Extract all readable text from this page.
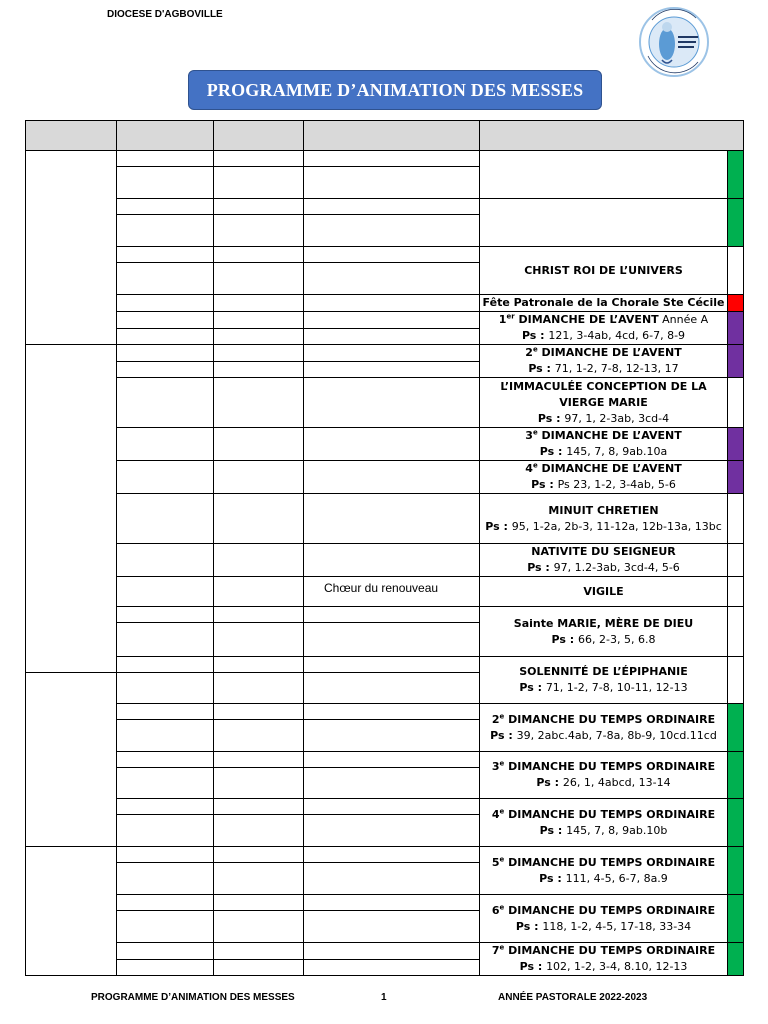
DIOCESE D'AGBOVILLE
PROGRAMME D’ANIMATION DES MESSES

				CHRIST ROI DE L’UNIVERS	

				Fête Patronale de la Chorale Ste Cécile	

				1er DIMANCHE DE L’AVENT Année A
Ps : 121, 3-4ab, 4cd, 6-7, 8-9	

				2e DIMANCHE DE L’AVENT
Ps : 71, 1-2, 7-8, 12-13, 17	

				L’IMMACULÉE CONCEPTION DE LA VIERGE MARIE
Ps : 97, 1, 2-3ab, 3cd-4	

				3e DIMANCHE DE L’AVENT
Ps : 145, 7, 8, 9ab.10a	

				4e DIMANCHE DE L’AVENT
Ps : Ps 23, 1-2, 3-4ab, 5-6	

				MINUIT CHRETIEN
Ps : 95, 1-2a, 2b-3, 11-12a, 12b-13a, 13bc	

				NATIVITE DU SEIGNEUR
Ps : 97, 1.2-3ab, 3cd-4, 5-6	

			Chœur du renouveau	VIGILE	

				Sainte MARIE, MÈRE DE DIEU
Ps : 66, 2-3, 5, 6.8	

				SOLENNITÉ DE L’ÉPIPHANIE
Ps : 71, 1-2, 7-8, 10-11, 12-13	

				2e DIMANCHE DU TEMPS ORDINAIRE
Ps : 39, 2abc.4ab, 7-8a, 8b-9, 10cd.11cd	

				3e DIMANCHE DU TEMPS ORDINAIRE
Ps : 26, 1, 4abcd, 13-14	

				4e DIMANCHE DU TEMPS ORDINAIRE
Ps : 145, 7, 8, 9ab.10b	

				5e DIMANCHE DU TEMPS ORDINAIRE
Ps : 111, 4-5, 6-7, 8a.9	

				6e DIMANCHE DU TEMPS ORDINAIRE
Ps : 118, 1-2, 4-5, 17-18, 33-34	

				7e DIMANCHE DU TEMPS ORDINAIRE
Ps : 102, 1-2, 3-4, 8.10, 12-13	

PROGRAMME D’ANIMATION DES MESSES	1	ANNÉE PASTORALE 2022-2023
